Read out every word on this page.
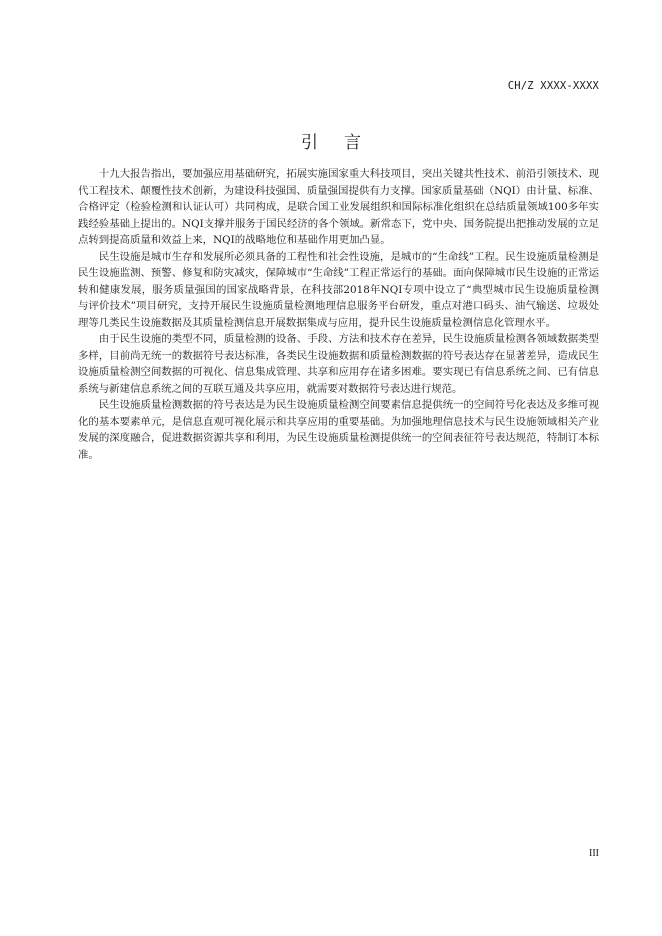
CH/Z XXXX-XXXX
引言

十九大报告指出，要加强应用基础研究，拓展实施国家重大科技项目，突出关键共性技术、前沿引领技术、现代工程技术、颠覆性技术创新，为建设科技强国、质量强国提供有力支撑。国家质量基础（NQI）由计量、标准、合格评定（检验检测和认证认可）共同构成，是联合国工业发展组织和国际标准化组织在总结质量领域100多年实践经验基础上提出的。NQI支撑并服务于国民经济的各个领域。新常态下，党中央、国务院提出把推动发展的立足点转到提高质量和效益上来，NQI的战略地位和基础作用更加凸显。

民生设施是城市生存和发展所必须具备的工程性和社会性设施，是城市的“生命线”工程。民生设施质量检测是民生设施监测、预警、修复和防灾减灾，保障城市“生命线”工程正常运行的基础。面向保障城市民生设施的正常运转和健康发展，服务质量强国的国家战略背景，在科技部2018年NQI专项中设立了“典型城市民生设施质量检测与评价技术”项目研究，支持开展民生设施质量检测地理信息服务平台研发，重点对港口码头、油气输送、垃圾处理等几类民生设施数据及其质量检测信息开展数据集成与应用，提升民生设施质量检测信息化管理水平。

由于民生设施的类型不同，质量检测的设备、手段、方法和技术存在差异，民生设施质量检测各领域数据类型多样，目前尚无统一的数据符号表达标准，各类民生设施数据和质量检测数据的符号表达存在显著差异，造成民生设施质量检测空间数据的可视化、信息集成管理、共享和应用存在诸多困难。要实现已有信息系统之间、已有信息系统与新建信息系统之间的互联互通及共享应用，就需要对数据符号表达进行规范。

民生设施质量检测数据的符号表达是为民生设施质量检测空间要素信息提供统一的空间符号化表达及多维可视化的基本要素单元，是信息直观可视化展示和共享应用的重要基础。为加强地理信息技术与民生设施领域相关产业发展的深度融合，促进数据资源共享和利用，为民生设施质量检测提供统一的空间表征符号表达规范，特制订本标准。

III
